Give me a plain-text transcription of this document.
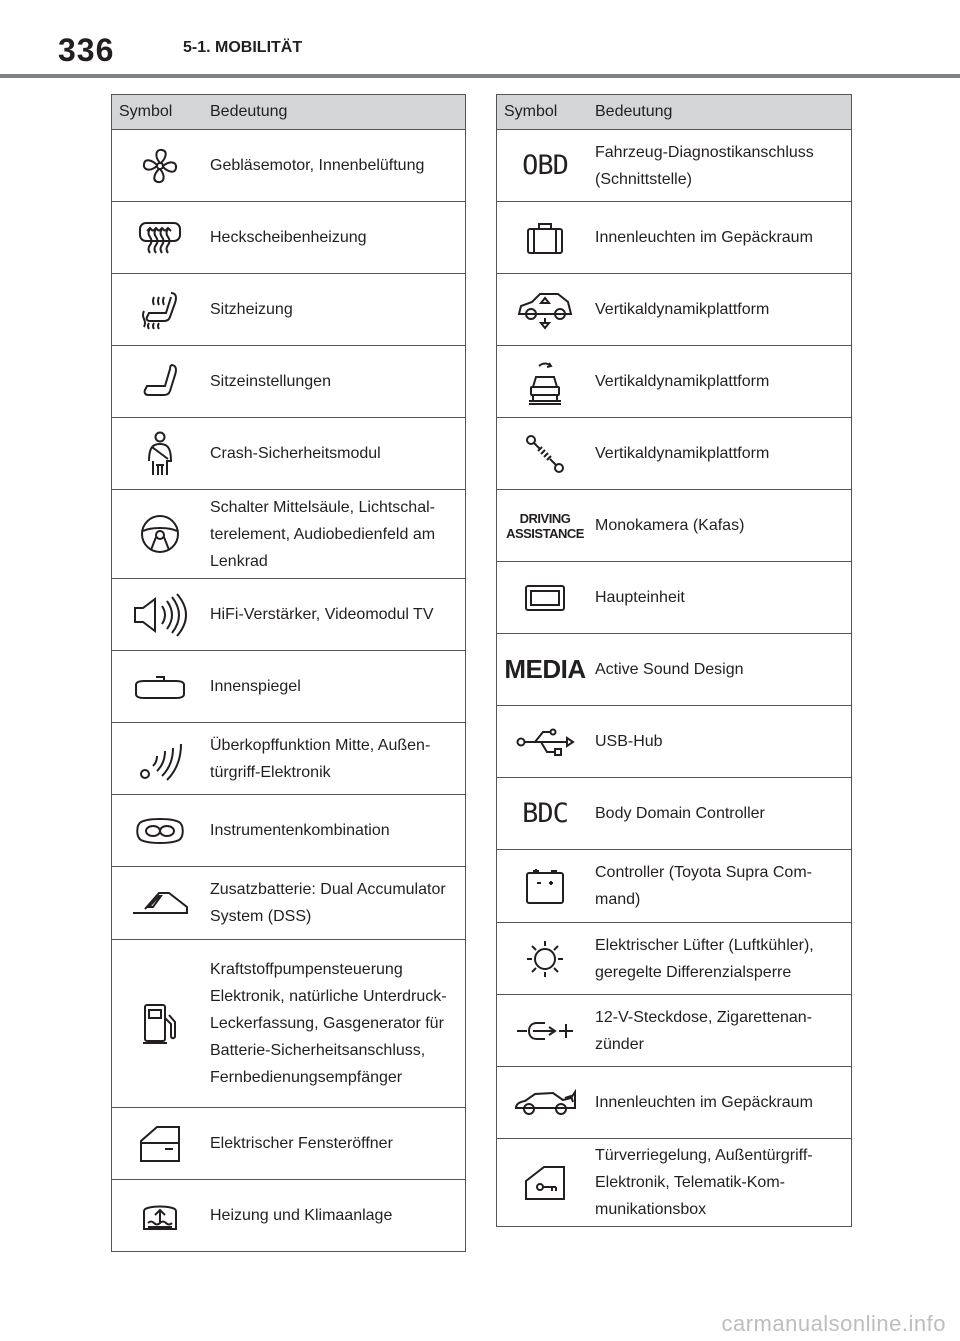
336	5-1. MOBILITÄT
Symbol	Bedeutung

	Gebläsemotor, Innenbelüftung

	Heckscheibenheizung

	Sitzheizung

	Sitzeinstellungen

	Crash-Sicherheitsmodul

	Schalter Mittelsäule, Lichtschalterelement, Audiobedienfeld am Lenkrad

	HiFi-Verstärker, Videomodul TV

	Innenspiegel

	Überkopffunktion Mitte, Außentürgriff-Elektronik

	Instrumentenkombination

	Zusatzbatterie: Dual Accumulator System (DSS)

	Kraftstoffpumpensteuerung Elektronik, natürliche Unterdruck-Leckerfassung, Gasgenerator für Batterie-Sicherheitsanschluss, Fernbedienungsempfänger

	Elektrischer Fensteröffner

	Heizung und Klimaanlage
Symbol	Bedeutung
OBD	Fahrzeug-Diagnostikanschluss (Schnittstelle)

	Innenleuchten im Gepäckraum

	Vertikaldynamikplattform

	Vertikaldynamikplattform

	Vertikaldynamikplattform

DRIVING
ASSISTANCE	Monokamera (Kafas)

	Haupteinheit
MEDIA	Active Sound Design

	USB-Hub
BDC	Body Domain Controller

	Controller (Toyota Supra Command)

	Elektrischer Lüfter (Luftkühler), geregelte Differenzialsperre

	12-V-Steckdose, Zigarettenanzünder

	Innenleuchten im Gepäckraum

	Türverriegelung, Außentürgriff-Elektronik, Telematik-Kommunikationsbox
carmanualsonline.info
